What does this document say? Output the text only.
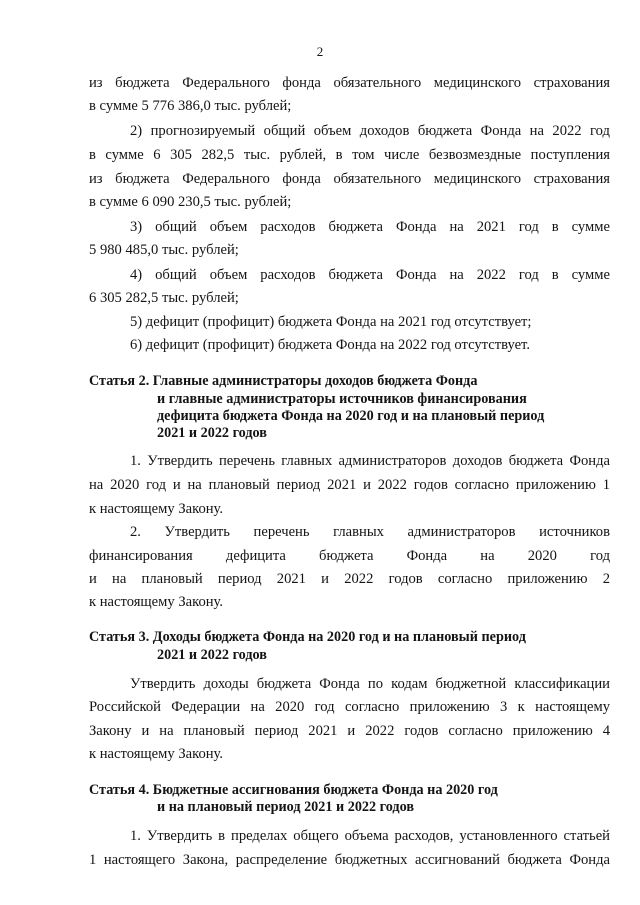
2
из бюджета Федерального фонда обязательного медицинского страхования
в сумме 5 776 386,0 тыс. рублей;
2) прогнозируемый общий объем доходов бюджета Фонда на 2022 год
в сумме 6 305 282,5 тыс. рублей, в том числе безвозмездные поступления
из бюджета Федерального фонда обязательного медицинского страхования
в сумме 6 090 230,5 тыс. рублей;
3) общий объем расходов бюджета Фонда на 2021 год в сумме
5 980 485,0 тыс. рублей;
4) общий объем расходов бюджета Фонда на 2022 год в сумме
6 305 282,5 тыс. рублей;
5) дефицит (профицит) бюджета Фонда на 2021 год отсутствует;
6) дефицит (профицит) бюджета Фонда на 2022 год отсутствует.
Статья 2. Главные администраторы доходов бюджета Фонда
и главные администраторы источников финансирования
дефицита бюджета Фонда на 2020 год и на плановый период
2021 и 2022 годов
1. Утвердить перечень главных администраторов доходов бюджета Фонда
на 2020 год и на плановый период 2021 и 2022 годов согласно приложению 1
к настоящему Закону.
2. Утвердить перечень главных администраторов источников
финансирования дефицита бюджета Фонда на 2020 год
и на плановый период 2021 и 2022 годов согласно приложению 2
к настоящему Закону.
Статья 3. Доходы бюджета Фонда на 2020 год и на плановый период
2021 и 2022 годов
Утвердить доходы бюджета Фонда по кодам бюджетной классификации
Российской Федерации на 2020 год согласно приложению 3 к настоящему
Закону и на плановый период 2021 и 2022 годов согласно приложению 4
к настоящему Закону.
Статья 4. Бюджетные ассигнования бюджета Фонда на 2020 год
и на плановый период 2021 и 2022 годов
1. Утвердить в пределах общего объема расходов, установленного статьей
1 настоящего Закона, распределение бюджетных ассигнований бюджета Фонда
